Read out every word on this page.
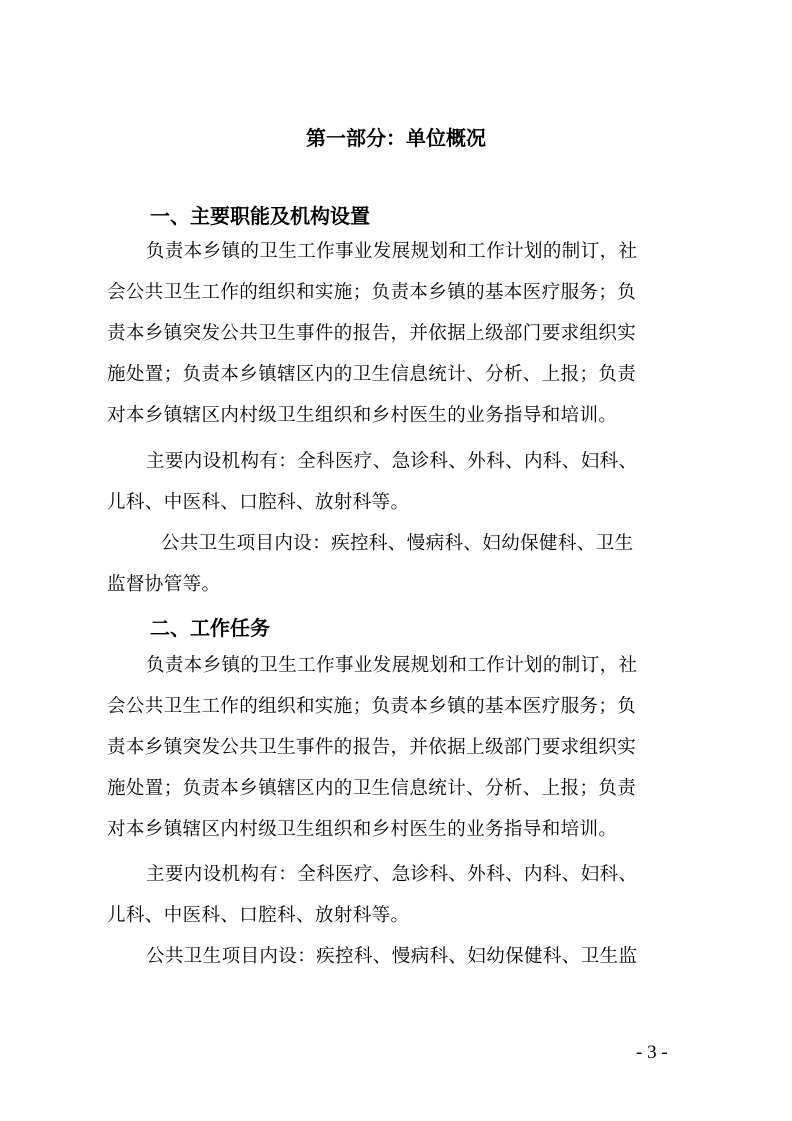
第一部分：单位概况
一、主要职能及机构设置
负责本乡镇的卫生工作事业发展规划和工作计划的制订，社
会公共卫生工作的组织和实施；负责本乡镇的基本医疗服务；负
责本乡镇突发公共卫生事件的报告，并依据上级部门要求组织实
施处置；负责本乡镇辖区内的卫生信息统计、分析、上报；负责
对本乡镇辖区内村级卫生组织和乡村医生的业务指导和培训。
主要内设机构有：全科医疗、急诊科、外科、内科、妇科、
儿科、中医科、口腔科、放射科等。
公共卫生项目内设：疾控科、慢病科、妇幼保健科、卫生
监督协管等。
二、工作任务
负责本乡镇的卫生工作事业发展规划和工作计划的制订，社
会公共卫生工作的组织和实施；负责本乡镇的基本医疗服务；负
责本乡镇突发公共卫生事件的报告，并依据上级部门要求组织实
施处置；负责本乡镇辖区内的卫生信息统计、分析、上报；负责
对本乡镇辖区内村级卫生组织和乡村医生的业务指导和培训。
主要内设机构有：全科医疗、急诊科、外科、内科、妇科、
儿科、中医科、口腔科、放射科等。
公共卫生项目内设：疾控科、慢病科、妇幼保健科、卫生监
- 3 -
